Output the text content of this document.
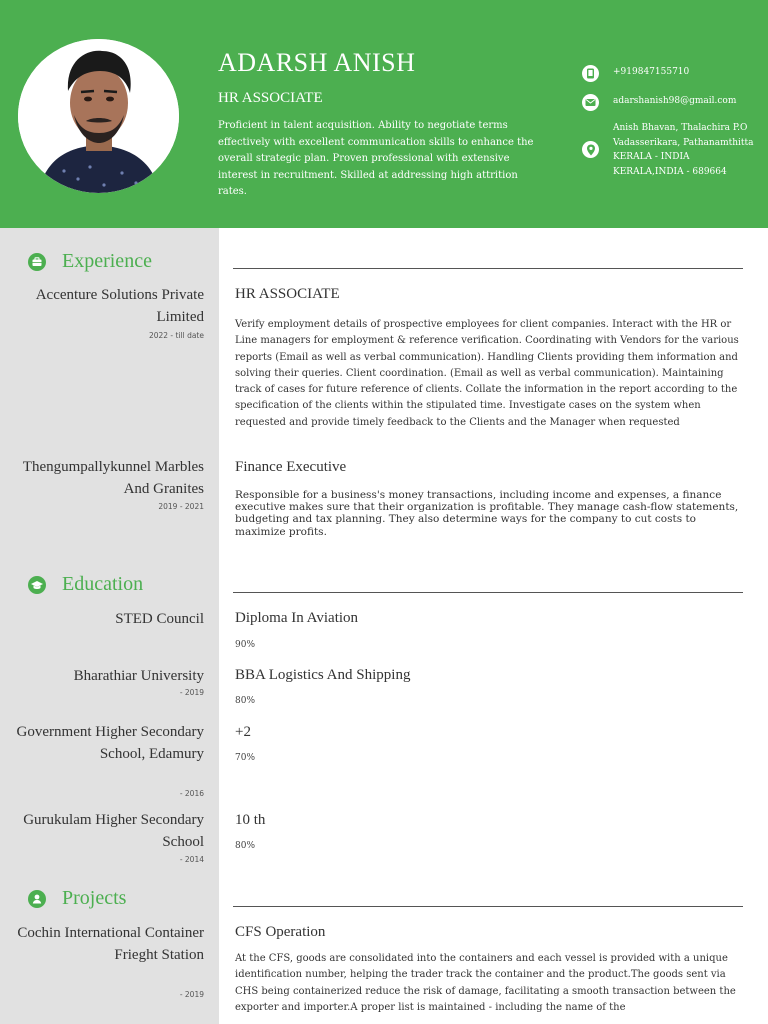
ADARSH ANISH
HR ASSOCIATE
Proficient in talent acquisition. Ability to negotiate terms effectively with excellent communication skills to enhance the overall strategic plan. Proven professional with extensive interest in recruitment. Skilled at addressing high attrition rates.
+919847155710
adarshanish98@gmail.com
Anish Bhavan, Thalachira P.O
Vadasserikara, Pathanamthitta
KERALA - INDIA
KERALA,INDIA - 689664
Experience
Accenture Solutions Private Limited
2022 - till date
HR ASSOCIATE
Verify employment details of prospective employees for client companies. Interact with the HR or Line managers for employment & reference verification. Coordinating with Vendors for the various reports (Email as well as verbal communication). Handling Clients providing them information and solving their queries. Client coordination. (Email as well as verbal communication). Maintaining track of cases for future reference of clients. Collate the information in the report according to the specification of the clients within the stipulated time. Investigate cases on the system when requested and provide timely feedback to the Clients and the Manager when requested
Thengumpallykunnel Marbles And Granites
2019 - 2021
Finance Executive
Responsible for a business's money transactions, including income and expenses, a finance executive makes sure that their organization is profitable. They manage cash-flow statements, budgeting and tax planning. They also determine ways for the company to cut costs to maximize profits.
Education
STED Council Diploma In Aviation
90%
Bharathiar University
- 2019
BBA Logistics And Shipping
80%
Government Higher Secondary School, Edamury
- 2016
+2
70%
Gurukulam Higher Secondary School
- 2014
10 th
80%
Projects
Cochin International Container Frieght Station
- 2019
CFS Operation
At the CFS, goods are consolidated into the containers and each vessel is provided with a unique identification number, helping the trader track the container and the product.The goods sent via CHS being containerized reduce the risk of damage, facilitating a smooth transaction between the exporter and importer.A proper list is maintained - including the name of the
